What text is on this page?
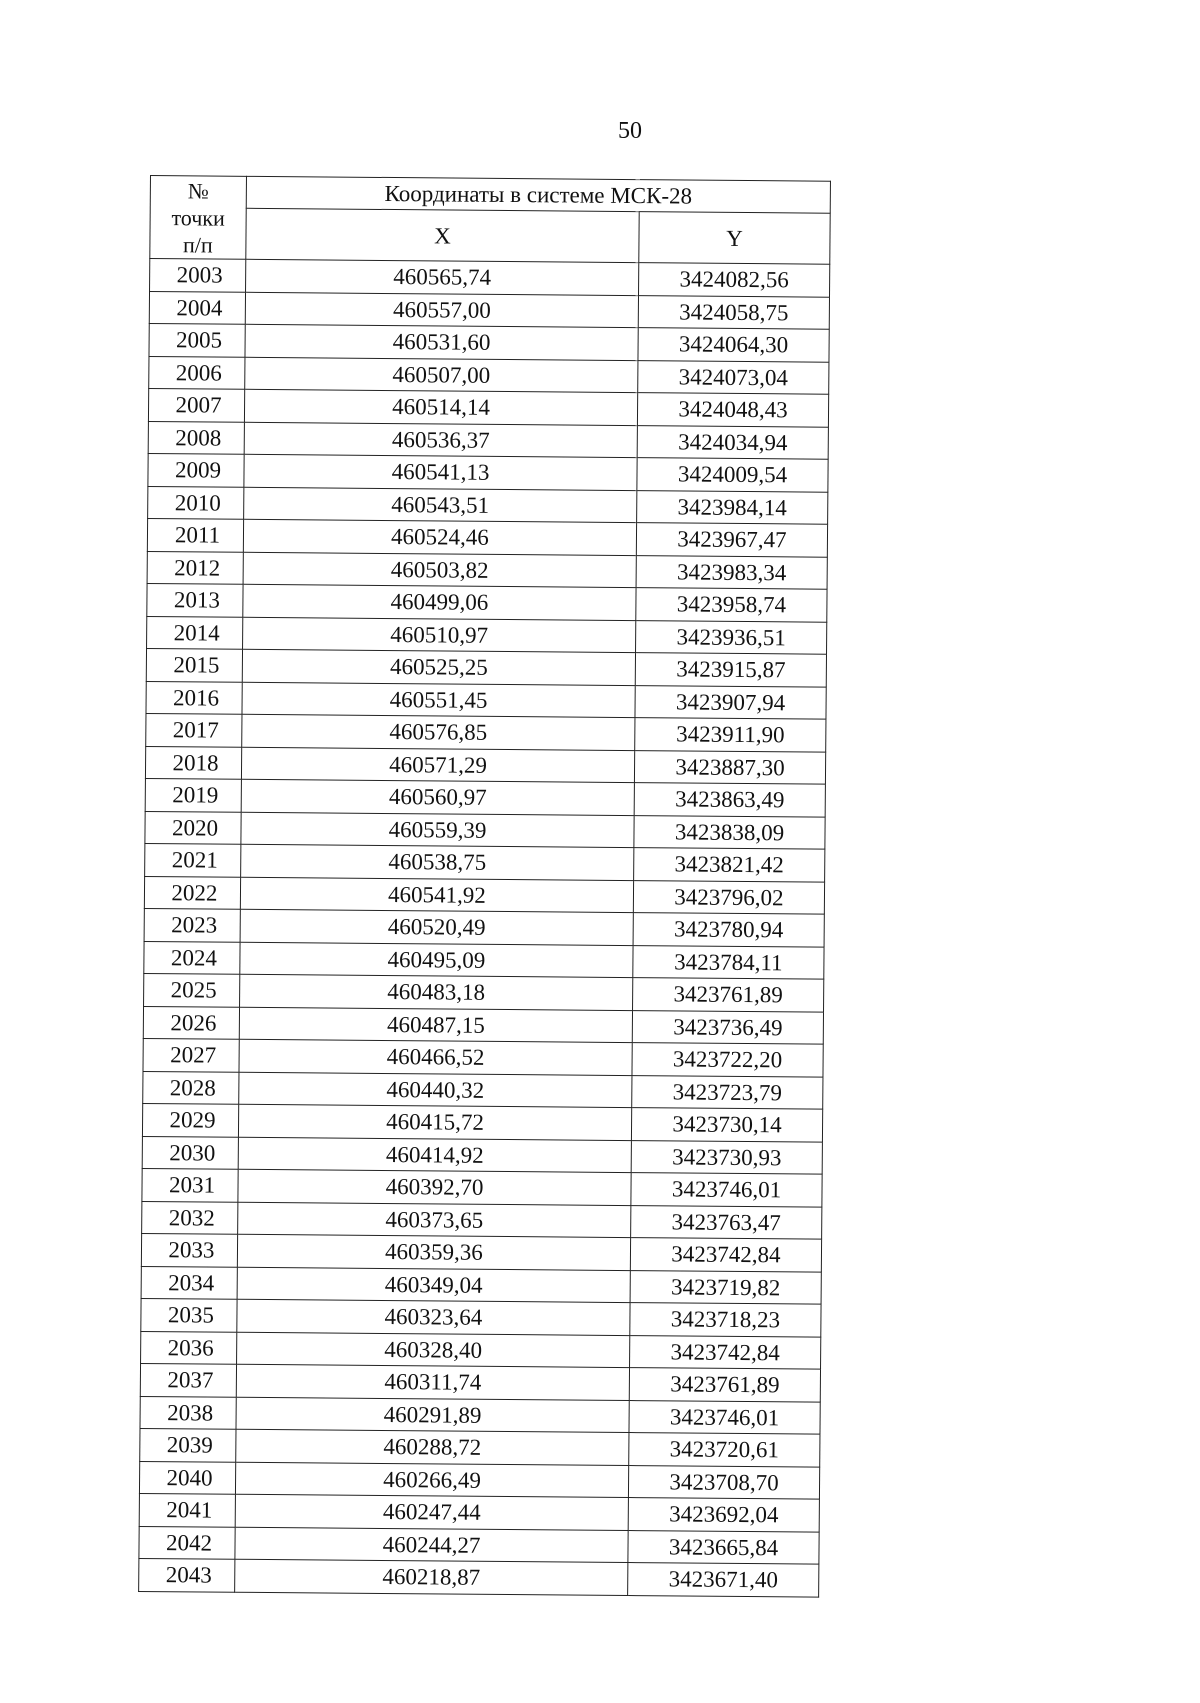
50
№
точки
п/п	Координаты в системе МСК-28	
	X	Y
2003	460565,74	3424082,56
2004	460557,00	3424058,75
2005	460531,60	3424064,30
2006	460507,00	3424073,04
2007	460514,14	3424048,43
2008	460536,37	3424034,94
2009	460541,13	3424009,54
2010	460543,51	3423984,14
2011	460524,46	3423967,47
2012	460503,82	3423983,34
2013	460499,06	3423958,74
2014	460510,97	3423936,51
2015	460525,25	3423915,87
2016	460551,45	3423907,94
2017	460576,85	3423911,90
2018	460571,29	3423887,30
2019	460560,97	3423863,49
2020	460559,39	3423838,09
2021	460538,75	3423821,42
2022	460541,92	3423796,02
2023	460520,49	3423780,94
2024	460495,09	3423784,11
2025	460483,18	3423761,89
2026	460487,15	3423736,49
2027	460466,52	3423722,20
2028	460440,32	3423723,79
2029	460415,72	3423730,14
2030	460414,92	3423730,93
2031	460392,70	3423746,01
2032	460373,65	3423763,47
2033	460359,36	3423742,84
2034	460349,04	3423719,82
2035	460323,64	3423718,23
2036	460328,40	3423742,84
2037	460311,74	3423761,89
2038	460291,89	3423746,01
2039	460288,72	3423720,61
2040	460266,49	3423708,70
2041	460247,44	3423692,04
2042	460244,27	3423665,84
2043	460218,87	3423671,40
